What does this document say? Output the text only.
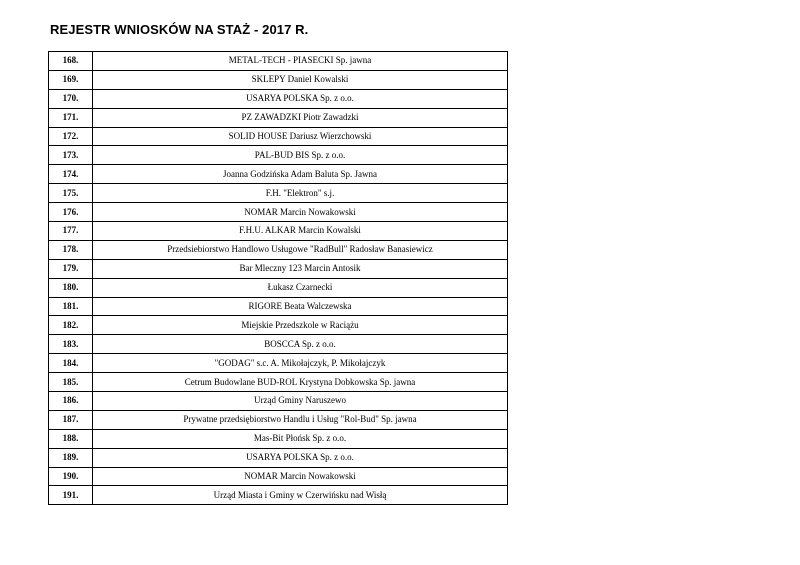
REJESTR WNIOSKÓW NA STAŻ - 2017 R.
168.	METAL-TECH - PIASECKI Sp. jawna
169.	SKLEPY Daniel Kowalski
170.	USARYA POLSKA Sp. z o.o.
171.	PZ ZAWADZKI Piotr Zawadzki
172.	SOLID HOUSE Dariusz Wierzchowski
173.	PAL-BUD BIS Sp. z o.o.
174.	Joanna Godzińska Adam Baluta Sp. Jawna
175.	F.H. "Elektron" s.j.
176.	NOMAR Marcin Nowakowski
177.	F.H.U. ALKAR Marcin Kowalski
178.	Przedsiebiorstwo Handlowo Usługowe "RadBull" Radosław Banasiewicz
179.	Bar Mleczny 123 Marcin Antosik
180.	Łukasz Czarnecki
181.	RIGORE Beata Walczewska
182.	Miejskie Przedszkole w Raciążu
183.	BOSCCA Sp. z o.o.
184.	"GODAG" s.c. A. Mikołajczyk, P. Mikołajczyk
185.	Cetrum Budowlane BUD-ROL Krystyna Dobkowska Sp. jawna
186.	Urząd Gminy Naruszewo
187.	Prywatne przedsiębiorstwo Handlu i Usług "Rol-Bud" Sp. jawna
188.	Mas-Bit Płońsk Sp. z o.o.
189.	USARYA POLSKA Sp. z o.o.
190.	NOMAR Marcin Nowakowski
191.	Urząd Miasta i Gminy w Czerwińsku nad Wisłą
